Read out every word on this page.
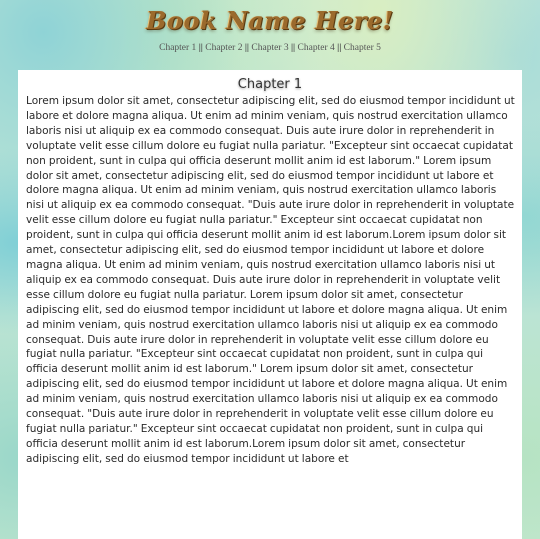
Book Name Here!
Chapter 1 || Chapter 2 || Chapter 3 || Chapter 4 || Chapter 5
Chapter 1

Lorem ipsum dolor sit amet, consectetur adipiscing elit, sed do eiusmod tempor incididunt ut labore et dolore magna aliqua. Ut enim ad minim veniam, quis nostrud exercitation ullamco laboris nisi ut aliquip ex ea commodo consequat. Duis aute irure dolor in reprehenderit in voluptate velit esse cillum dolore eu fugiat nulla pariatur. "Excepteur sint occaecat cupidatat non proident, sunt in culpa qui officia deserunt mollit anim id est laborum." Lorem ipsum dolor sit amet, consectetur adipiscing elit, sed do eiusmod tempor incididunt ut labore et dolore magna aliqua. Ut enim ad minim veniam, quis nostrud exercitation ullamco laboris nisi ut aliquip ex ea commodo consequat. "Duis aute irure dolor in reprehenderit in voluptate velit esse cillum dolore eu fugiat nulla pariatur." Excepteur sint occaecat cupidatat non proident, sunt in culpa qui officia deserunt mollit anim id est laborum.Lorem ipsum dolor sit amet, consectetur adipiscing elit, sed do eiusmod tempor incididunt ut labore et dolore magna aliqua. Ut enim ad minim veniam, quis nostrud exercitation ullamco laboris nisi ut aliquip ex ea commodo consequat. Duis aute irure dolor in reprehenderit in voluptate velit esse cillum dolore eu fugiat nulla pariatur. Lorem ipsum dolor sit amet, consectetur adipiscing elit, sed do eiusmod tempor incididunt ut labore et dolore magna aliqua. Ut enim ad minim veniam, quis nostrud exercitation ullamco laboris nisi ut aliquip ex ea commodo consequat. Duis aute irure dolor in reprehenderit in voluptate velit esse cillum dolore eu fugiat nulla pariatur. "Excepteur sint occaecat cupidatat non proident, sunt in culpa qui officia deserunt mollit anim id est laborum." Lorem ipsum dolor sit amet, consectetur adipiscing elit, sed do eiusmod tempor incididunt ut labore et dolore magna aliqua. Ut enim ad minim veniam, quis nostrud exercitation ullamco laboris nisi ut aliquip ex ea commodo consequat. "Duis aute irure dolor in reprehenderit in voluptate velit esse cillum dolore eu fugiat nulla pariatur." Excepteur sint occaecat cupidatat non proident, sunt in culpa qui officia deserunt mollit anim id est laborum.Lorem ipsum dolor sit amet, consectetur adipiscing elit, sed do eiusmod tempor incididunt ut labore et
